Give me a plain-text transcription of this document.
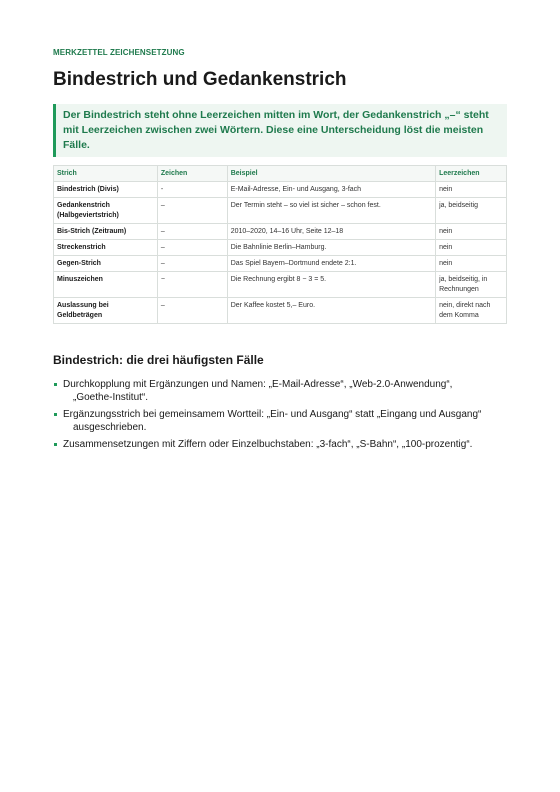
MERKZETTEL ZEICHENSETZUNG

Bindestrich und Gedankenstrich
Der Bindestrich steht ohne Leerzeichen mitten im Wort, der Gedankenstrich „–“ steht mit Leerzeichen zwischen zwei Wörtern. Diese eine Unterscheidung löst die meisten Fälle.
Strich	Zeichen	Beispiel	Leerzeichen
Bindestrich (Divis)	-	E-Mail-Adresse, Ein- und Ausgang, 3-fach	nein
Gedankenstrich (Halbgeviertstrich)	–	Der Termin steht – so viel ist sicher – schon fest.	ja, beidseitig
Bis-Strich (Zeitraum)	–	2010–2020, 14–16 Uhr, Seite 12–18	nein
Streckenstrich	–	Die Bahnlinie Berlin–Hamburg.	nein
Gegen-Strich	–	Das Spiel Bayern–Dortmund endete 2:1.	nein
Minuszeichen	−	Die Rechnung ergibt 8 − 3 = 5.	ja, beidseitig, in Rechnungen
Auslassung bei Geldbeträgen	–	Der Kaffee kostet 5,– Euro.	nein, direkt nach dem Komma
Bindestrich: die drei häufigsten Fälle
Durchkopplung mit Ergänzungen und Namen: „E-Mail-Adresse“, „Web-2.0-Anwendung“,
„Goethe-Institut“.
Ergänzungsstrich bei gemeinsamem Wortteil: „Ein- und Ausgang“ statt „Eingang und Ausgang“
ausgeschrieben.
Zusammensetzungen mit Ziffern oder Einzelbuchstaben: „3-fach“, „S-Bahn“, „100-prozentig“.
